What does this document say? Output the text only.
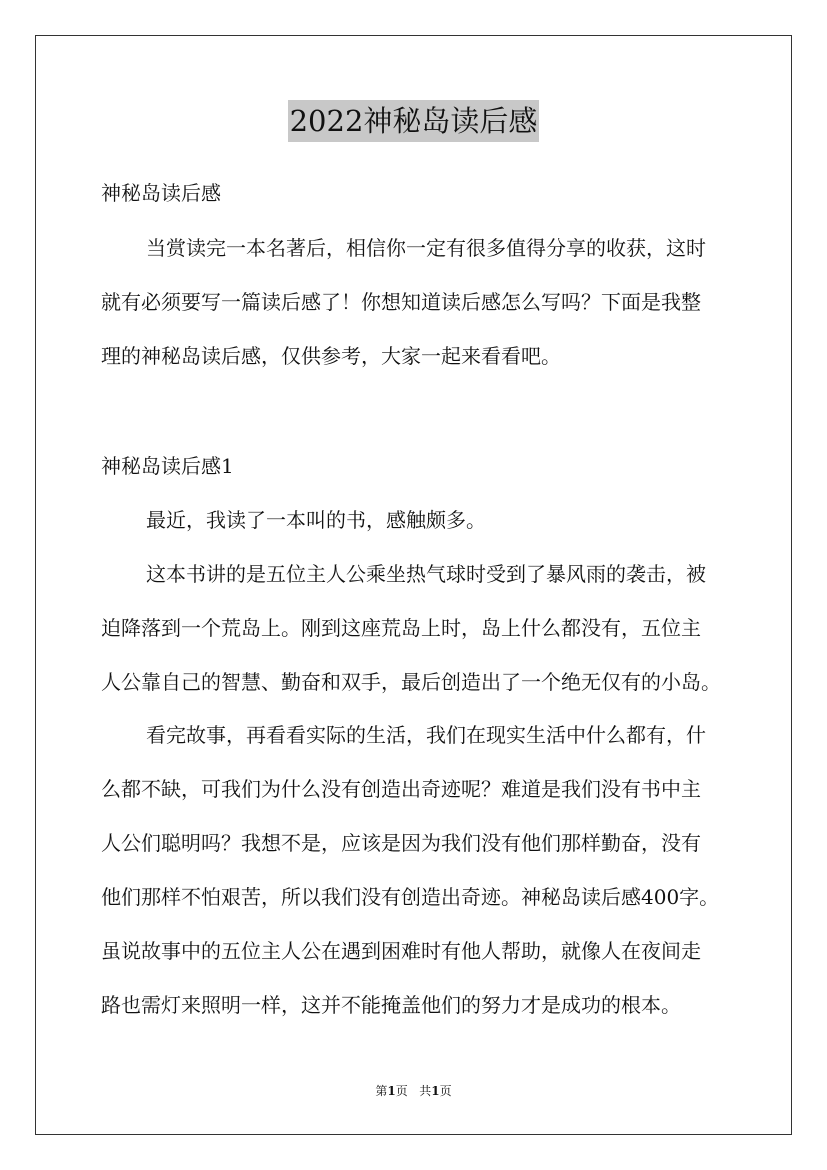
2022神秘岛读后感
神秘岛读后感
当赏读完一本名著后，相信你一定有很多值得分享的收获，这时
就有必须要写一篇读后感了！你想知道读后感怎么写吗？下面是我整
理的神秘岛读后感，仅供参考，大家一起来看看吧。
神秘岛读后感1
最近，我读了一本叫的书，感触颇多。
这本书讲的是五位主人公乘坐热气球时受到了暴风雨的袭击，被
迫降落到一个荒岛上。刚到这座荒岛上时，岛上什么都没有，五位主
人公靠自己的智慧、勤奋和双手，最后创造出了一个绝无仅有的小岛。
看完故事，再看看实际的生活，我们在现实生活中什么都有，什
么都不缺，可我们为什么没有创造出奇迹呢？难道是我们没有书中主
人公们聪明吗？我想不是，应该是因为我们没有他们那样勤奋，没有
他们那样不怕艰苦，所以我们没有创造出奇迹。神秘岛读后感400字。
虽说故事中的五位主人公在遇到困难时有他人帮助，就像人在夜间走
路也需灯来照明一样，这并不能掩盖他们的努力才是成功的根本。
第1页 共1页
